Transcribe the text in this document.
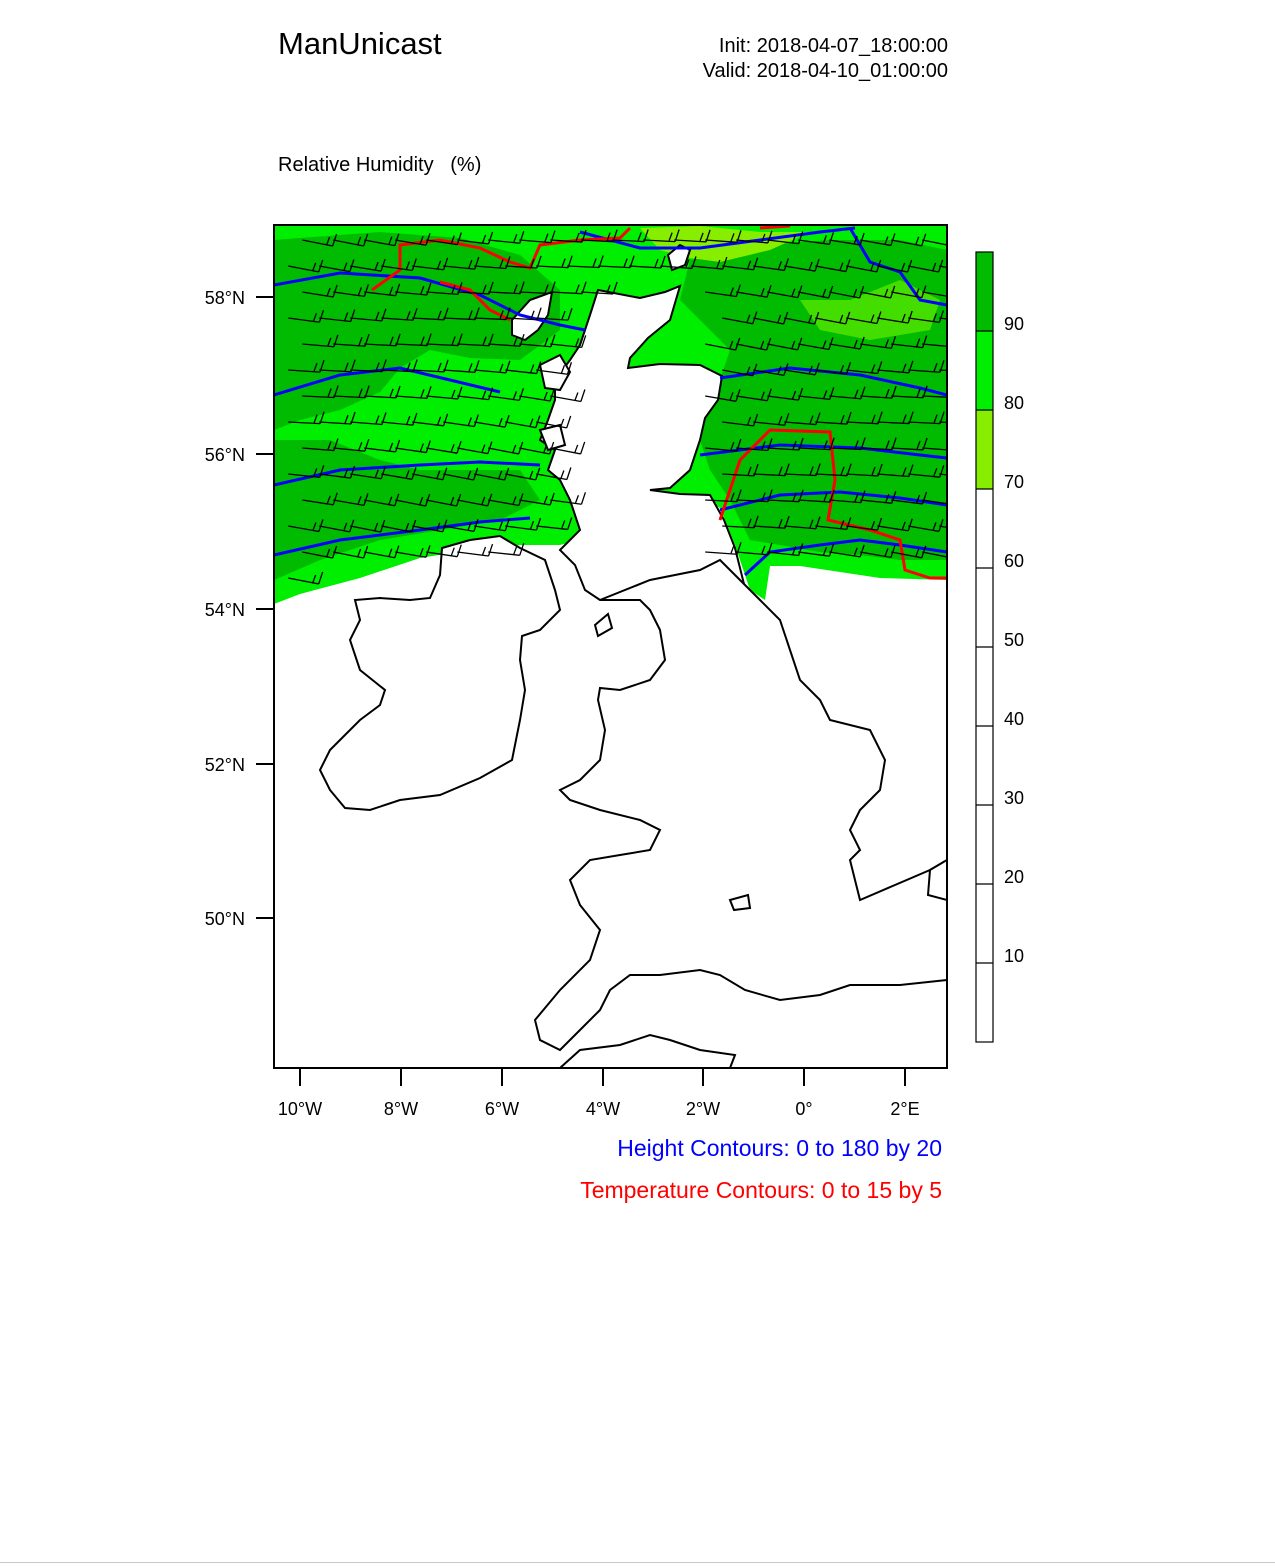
ManUnicast	Init: 2018-04-07_18:00:00
Valid: 2018-04-10_01:00:00

Relative Humidity   (%)

58°N
56°N
54°N
52°N
50°N
10°W	8°W	6°W	4°W	2°W	0°	2°E
90
80
70
60
50
40
30
20
10
Height Contours: 0 to 180 by 20
Temperature Contours: 0 to 15 by 5
